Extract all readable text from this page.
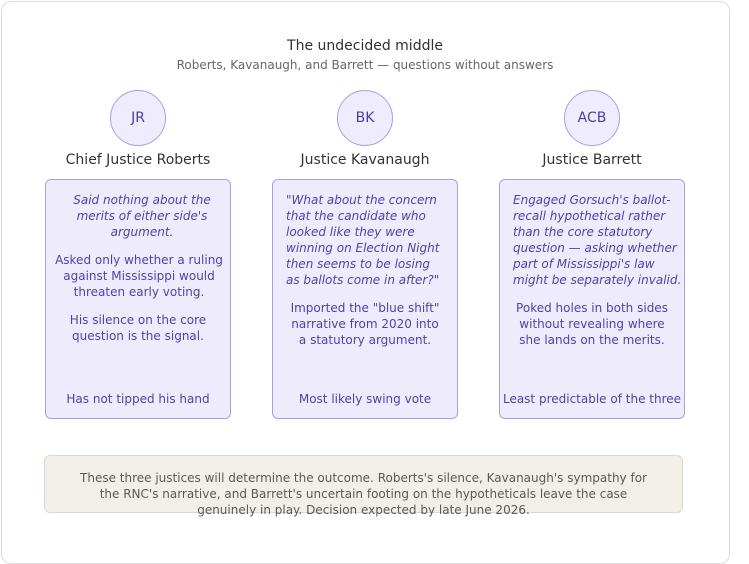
The undecided middle
Roberts, Kavanaugh, and Barrett — questions without answers
JR
Chief Justice Roberts
Said nothing about the merits of either side's argument.
Asked only whether a ruling against Mississippi would threaten early voting.
His silence on the core question is the signal.
Has not tipped his hand
BK
Justice Kavanaugh
"What about the concern that the candidate who looked like they were winning on Election Night then seems to be losing as ballots come in after?"
Imported the "blue shift" narrative from 2020 into a statutory argument.
Most likely swing vote
ACB
Justice Barrett
Engaged Gorsuch's ballot-recall hypothetical rather than the core statutory question — asking whether part of Mississippi's law might be separately invalid.
Poked holes in both sides without revealing where she lands on the merits.
Least predictable of the three
These three justices will determine the outcome. Roberts's silence, Kavanaugh's sympathy for the RNC's narrative, and Barrett's uncertain footing on the hypotheticals leave the case genuinely in play. Decision expected by late June 2026.
